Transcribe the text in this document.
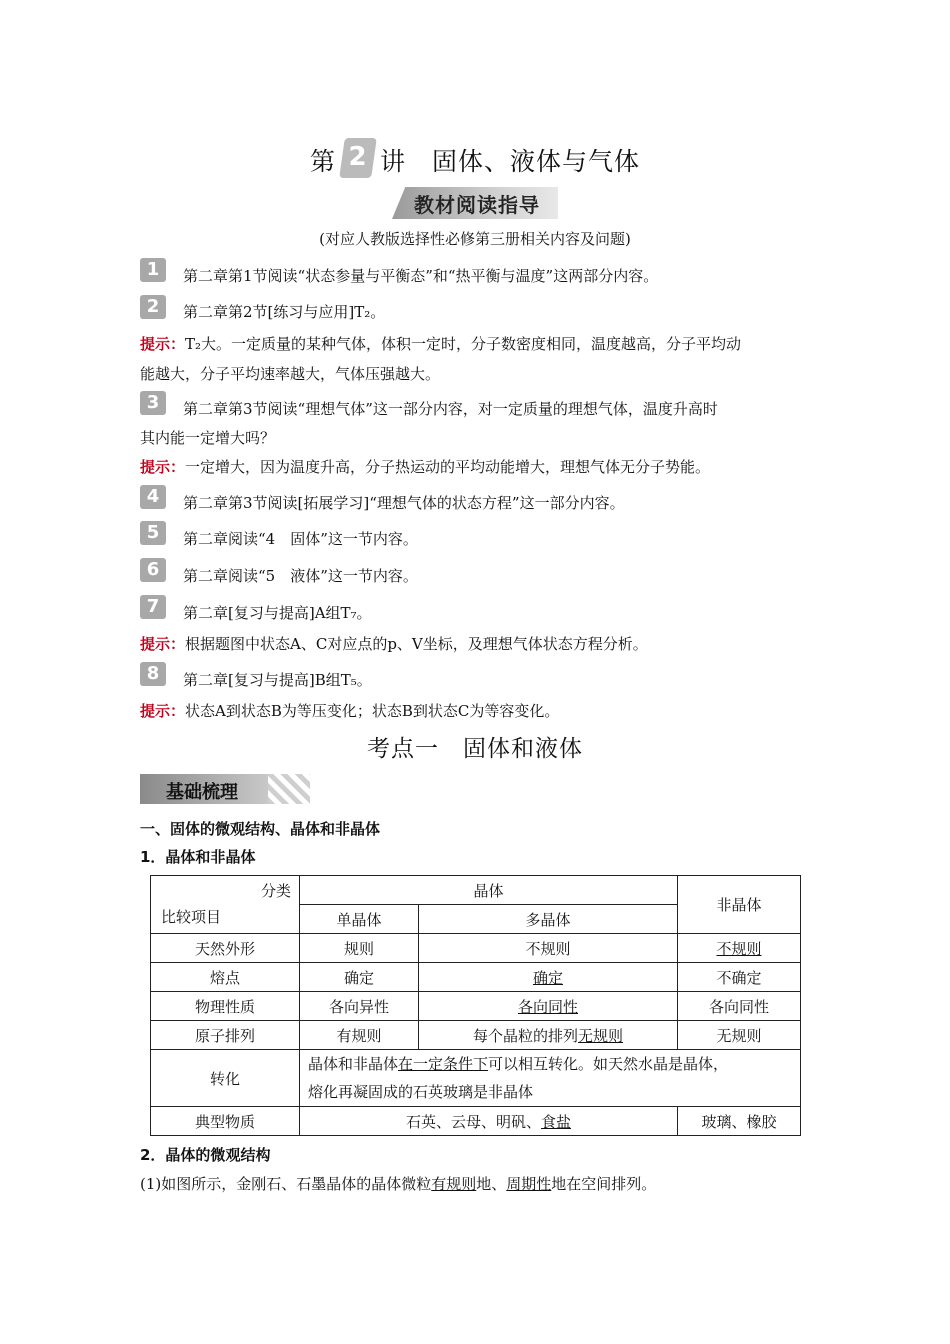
第 2 讲　 固体、液体与气体
教材阅读指导
(对应人教版选择性必修第三册相关内容及问题)
1	第二章第1节阅读“状态参量与平衡态”和“热平衡与温度”这两部分内容。
2	第二章第2节[练习与应用]T₂。
提示：T₂大。一定质量的某种气体，体积一定时，分子数密度相同，温度越高，分子平均动
能越大，分子平均速率越大，气体压强越大。
3	第二章第3节阅读“理想气体”这一部分内容，对一定质量的理想气体，温度升高时
其内能一定增大吗？
提示：一定增大，因为温度升高，分子热运动的平均动能增大，理想气体无分子势能。
4	第二章第3节阅读[拓展学习]“理想气体的状态方程”这一部分内容。
5	第二章阅读“4　固体”这一节内容。
6	第二章阅读“5　液体”这一节内容。
7	第二章[复习与提高]A组T₇。
提示：根据题图中状态A、C对应点的p、V坐标，及理想气体状态方程分析。
8	第二章[复习与提高]B组T₅。
提示：状态A到状态B为等压变化；状态B到状态C为等容变化。
考点一　固体和液体
基础梳理
一、固体的微观结构、晶体和非晶体
1．晶体和非晶体
分类
比较项目	晶体		非晶体
	单晶体	多晶体	
天然外形	规则	不规则	不规则
熔点	确定	确定	不确定
物理性质	各向异性	各向同性	各向同性
原子排列	有规则	每个晶粒的排列无规则	无规则
转化	晶体和非晶体在一定条件下可以相互转化。如天然水晶是晶体，
熔化再凝固成的石英玻璃是非晶体		
典型物质	石英、云母、明矾、食盐		玻璃、橡胶
2．晶体的微观结构
(1)如图所示，金刚石、石墨晶体的晶体微粒有规则地、周期性地在空间排列。
